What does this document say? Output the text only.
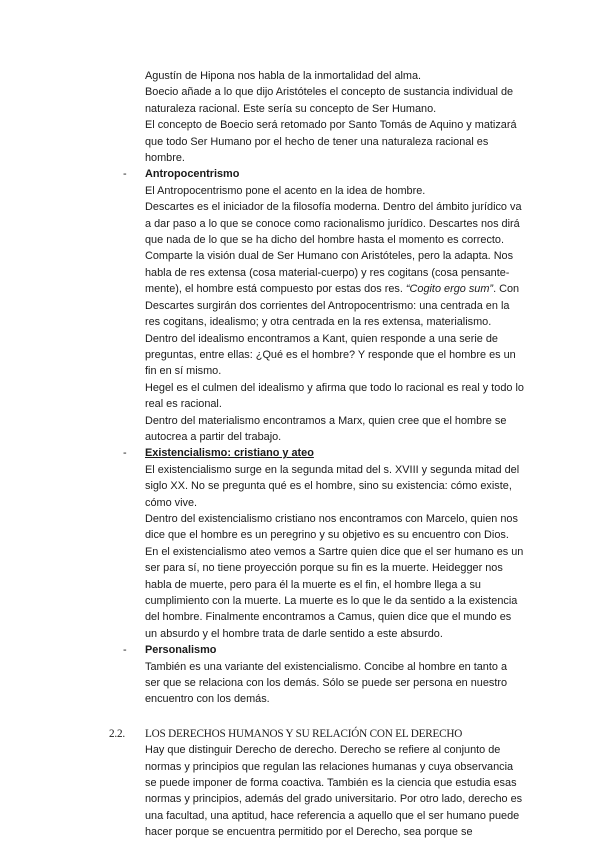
Agustín de Hipona nos habla de la inmortalidad del alma.

Boecio añade a lo que dijo Aristóteles el concepto de sustancia individual de naturaleza racional. Este sería su concepto de Ser Humano.

El concepto de Boecio será retomado por Santo Tomás de Aquino y matizará que todo Ser Humano por el hecho de tener una naturaleza racional es hombre.

- Antropocentrismo

El Antropocentrismo pone el acento en la idea de hombre.

Descartes es el iniciador de la filosofía moderna. Dentro del ámbito jurídico va a dar paso a lo que se conoce como racionalismo jurídico. Descartes nos dirá que nada de lo que se ha dicho del hombre hasta el momento es correcto. Comparte la visión dual de Ser Humano con Aristóteles, pero la adapta. Nos habla de res extensa (cosa material-cuerpo) y res cogitans (cosa pensante-mente), el hombre está compuesto por estas dos res. “Cogito ergo sum”. Con Descartes surgirán dos corrientes del Antropocentrismo: una centrada en la res cogitans, idealismo; y otra centrada en la res extensa, materialismo.

Dentro del idealismo encontramos a Kant, quien responde a una serie de preguntas, entre ellas: ¿Qué es el hombre? Y responde que el hombre es un fin en sí mismo.

Hegel es el culmen del idealismo y afirma que todo lo racional es real y todo lo real es racional.

Dentro del materialismo encontramos a Marx, quien cree que el hombre se autocrea a partir del trabajo.

- Existencialismo: cristiano y ateo

El existencialismo surge en la segunda mitad del s. XVIII y segunda mitad del siglo XX. No se pregunta qué es el hombre, sino su existencia: cómo existe, cómo vive.

Dentro del existencialismo cristiano nos encontramos con Marcelo, quien nos dice que el hombre es un peregrino y su objetivo es su encuentro con Dios.

En el existencialismo ateo vemos a Sartre quien dice que el ser humano es un ser para sí, no tiene proyección porque su fin es la muerte. Heidegger nos habla de muerte, pero para él la muerte es el fin, el hombre llega a su cumplimiento con la muerte. La muerte es lo que le da sentido a la existencia del hombre. Finalmente encontramos a Camus, quien dice que el mundo es un absurdo y el hombre trata de darle sentido a este absurdo.

- Personalismo

También es una variante del existencialismo. Concibe al hombre en tanto a ser que se relaciona con los demás. Sólo se puede ser persona en nuestro encuentro con los demás.

2.2. LOS DERECHOS HUMANOS Y SU RELACIÓN CON EL DERECHO

Hay que distinguir Derecho de derecho. Derecho se refiere al conjunto de normas y principios que regulan las relaciones humanas y cuya observancia se puede imponer de forma coactiva. También es la ciencia que estudia esas normas y principios, además del grado universitario. Por otro lado, derecho es una facultad, una aptitud, hace referencia a aquello que el ser humano puede hacer porque se encuentra permitido por el Derecho, sea porque se
